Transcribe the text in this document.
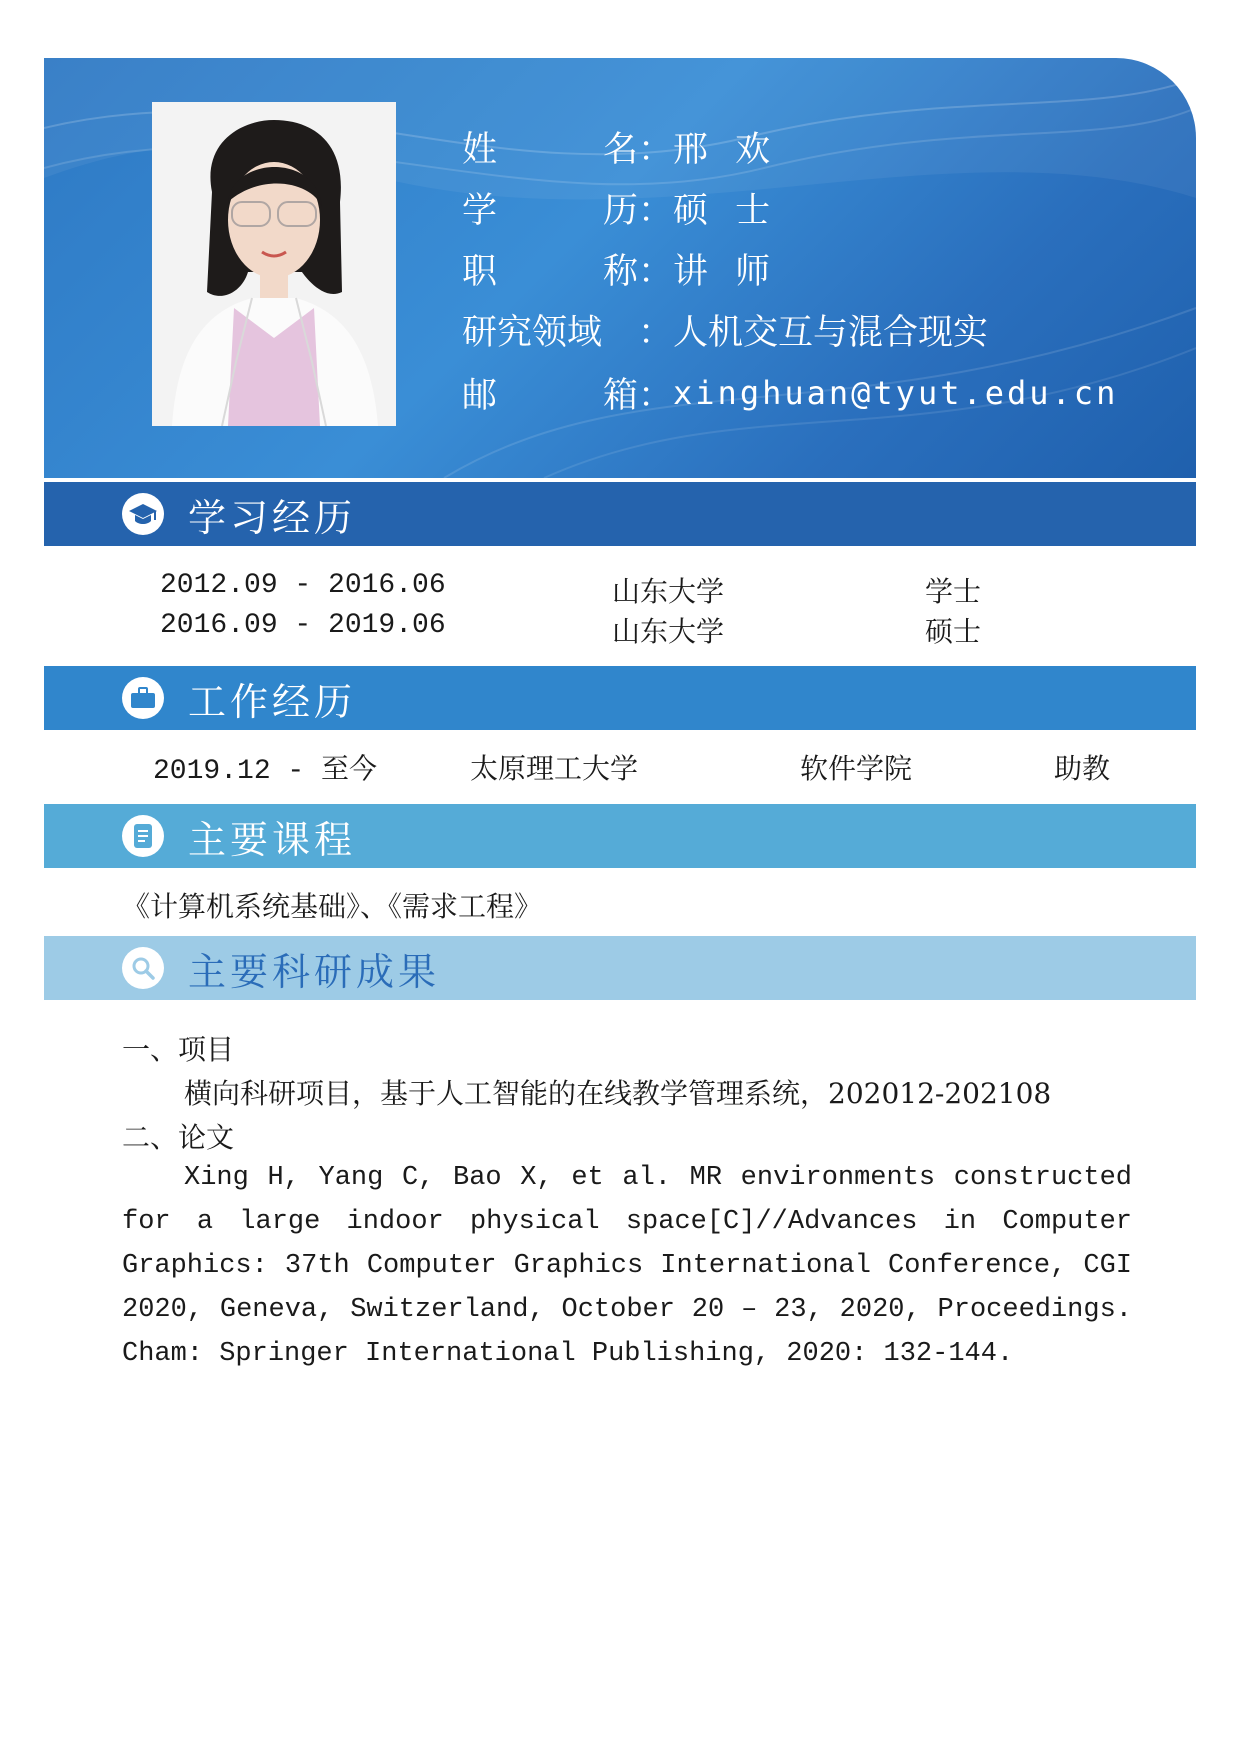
姓	名 ： 邢 欢
学	历 ： 硕 士
职	称 ： 讲 师
研究领域	： 人机交互与混合现实
邮	箱 ： xinghuan@tyut.edu.cn
学习经历
2012.09 - 2016.06	山东大学	学士
2016.09 - 2019.06	山东大学	硕士
工作经历
2019.12 - 至今	太原理工大学	软件学院	助教
主要课程
《计算机系统基础》、《需求工程》
主要科研成果
一、项目
横向科研项目，基于人工智能的在线教学管理系统，202012-202108
二、论文
Xing H, Yang C, Bao X, et al. MR environments constructed for a large indoor physical space[C]//Advances in Computer Graphics: 37th Computer Graphics International Conference, CGI 2020, Geneva, Switzerland, October 20 – 23, 2020, Proceedings. Cham: Springer International Publishing, 2020: 132-144.
